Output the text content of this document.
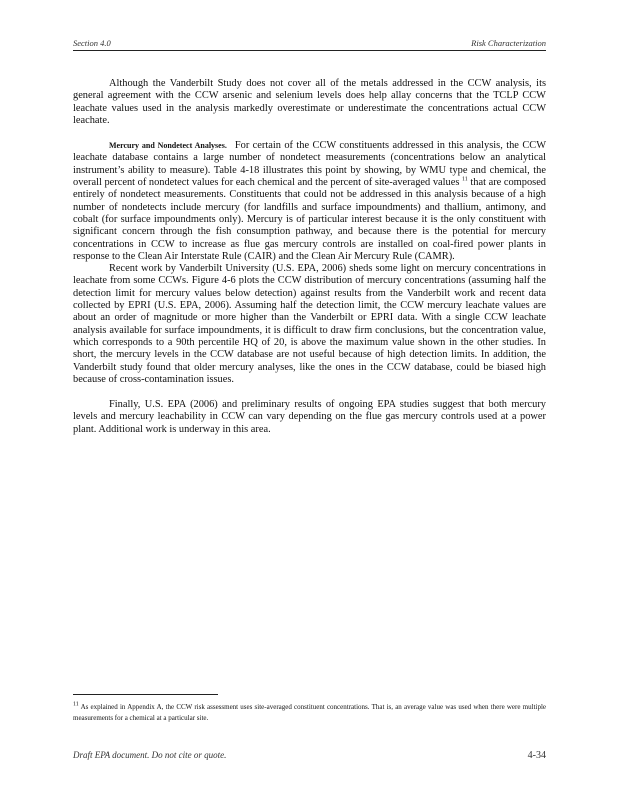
Section 4.0	Risk Characterization

Although the Vanderbilt Study does not cover all of the metals addressed in the CCW analysis, its general agreement with the CCW arsenic and selenium levels does help allay concerns that the TCLP CCW leachate values used in the analysis markedly overestimate or underestimate the concentrations actual CCW leachate.

Mercury and Nondetect Analyses. For certain of the CCW constituents addressed in this analysis, the CCW leachate database contains a large number of nondetect measurements (concentrations below an analytical instrument’s ability to measure). Table 4-18 illustrates this point by showing, by WMU type and chemical, the overall percent of nondetect values for each chemical and the percent of site-averaged values $^{11}$ that are composed entirely of nondetect measurements. Constituents that could not be addressed in this analysis because of a high number of nondetects include mercury (for landfills and surface impoundments) and thallium, antimony, and cobalt (for surface impoundments only). Mercury is of particular interest because it is the only constituent with significant concern through the fish consumption pathway, and because there is the potential for mercury concentrations in CCW to increase as flue gas mercury controls are installed on coal-fired power plants in response to the Clean Air Interstate Rule (CAIR) and the Clean Air Mercury Rule (CAMR).

Recent work by Vanderbilt University (U.S. EPA, 2006) sheds some light on mercury concentrations in leachate from some CCWs. Figure 4-6 plots the CCW distribution of mercury concentrations (assuming half the detection limit for mercury values below detection) against results from the Vanderbilt work and recent data collected by EPRI (U.S. EPA, 2006). Assuming half the detection limit, the CCW mercury leachate values are about an order of magnitude or more higher than the Vanderbilt or EPRI data. With a single CCW leachate analysis available for surface impoundments, it is difficult to draw firm conclusions, but the concentration value, which corresponds to a 90th percentile HQ of 20, is above the maximum value shown in the other studies. In short, the mercury levels in the CCW database are not useful because of high detection limits. In addition, the Vanderbilt study found that older mercury analyses, like the ones in the CCW database, could be biased high because of cross-contamination issues.

Finally, U.S. EPA (2006) and preliminary results of ongoing EPA studies suggest that both mercury levels and mercury leachability in CCW can vary depending on the flue gas mercury controls used at a power plant. Additional work is underway in this area.

$^{11}$ As explained in Appendix A, the CCW risk assessment uses site-averaged constituent concentrations. That is, an average value was used when there were multiple measurements for a chemical at a particular site.
Draft EPA document. Do not cite or quote.	4-34
